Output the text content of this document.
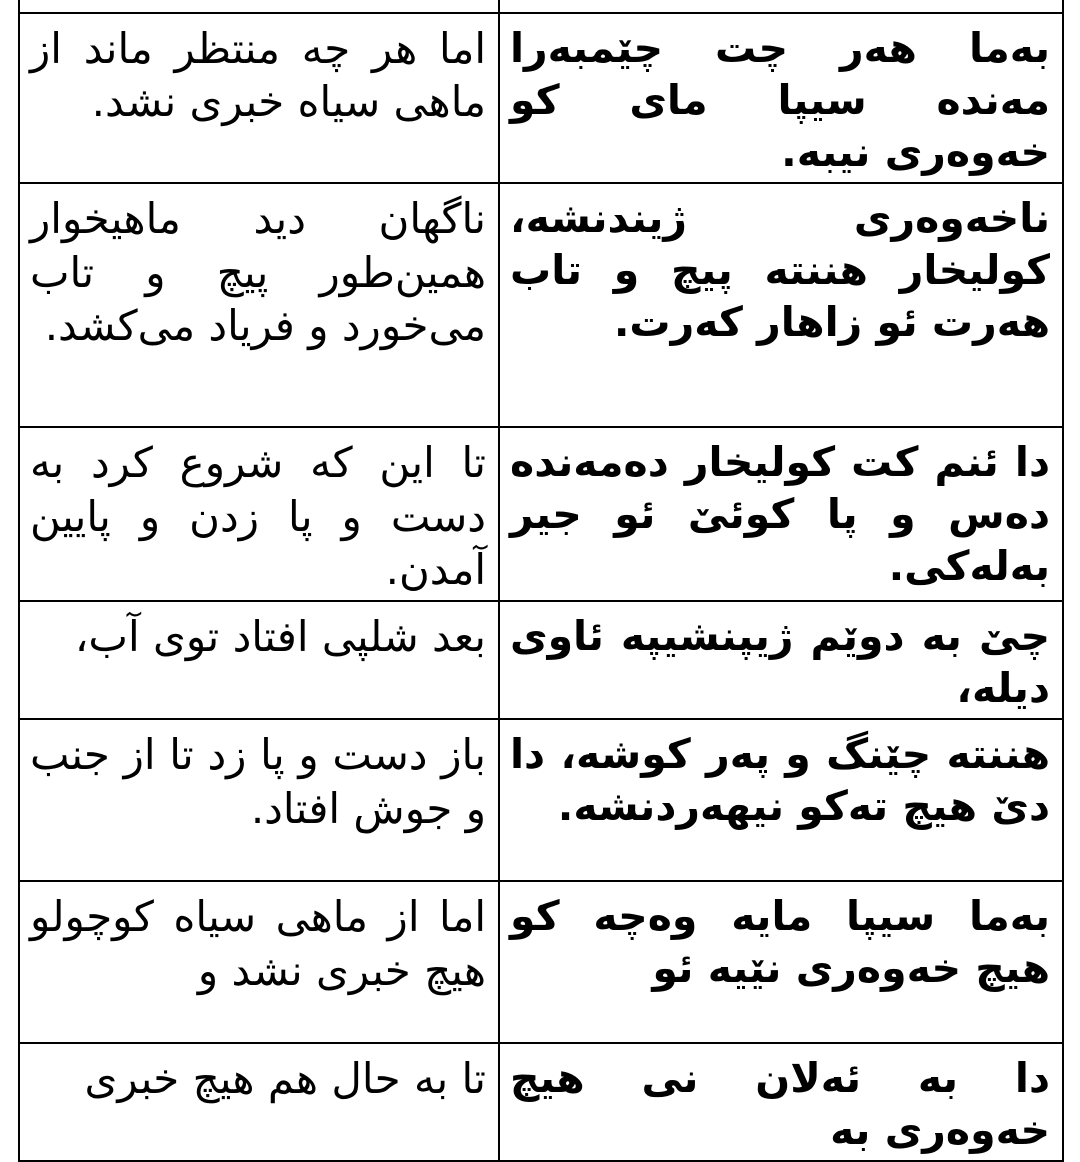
اما هر چه منتظر ماند از ماهی سیاه خبری نشد.	بەما هەر چت چێمبەرا مەندە سیپا مای کو خەوەری نیبە.
ناگهان دید ماهیخوار همین‌طور پیچ و تاب می‌خورد و فریاد می‌کشد.	ناخەوەری ژیندنشە، کولیخار هننتە پیچ و تاب هەرت ئو زاهار کەرت.
تا این که شروع کرد به دست و پا زدن و پایین آمدن.	دا ئنم کت کولیخار دەمەندە دەس و پا کوئێ ئو جیر بەلەکی.
بعد شلپی افتاد توی آب،	چێ بە دوێم ژیپنشیپە ئاوی دیلە،
باز دست و پا زد تا از جنب و جوش افتاد.	هننتە چێنگ و پەر کوشە، دا دێ هیچ تەکو نیهەردنشە.
اما از ماهی سیاه کوچولو هیچ خبری نشد و	بەما سیپا مایە وەچە کو هیچ خەوەری نێیە ئو
تا به حال هم هیچ خبری	دا بە ئەلان نی هیچ خەوەری بە
